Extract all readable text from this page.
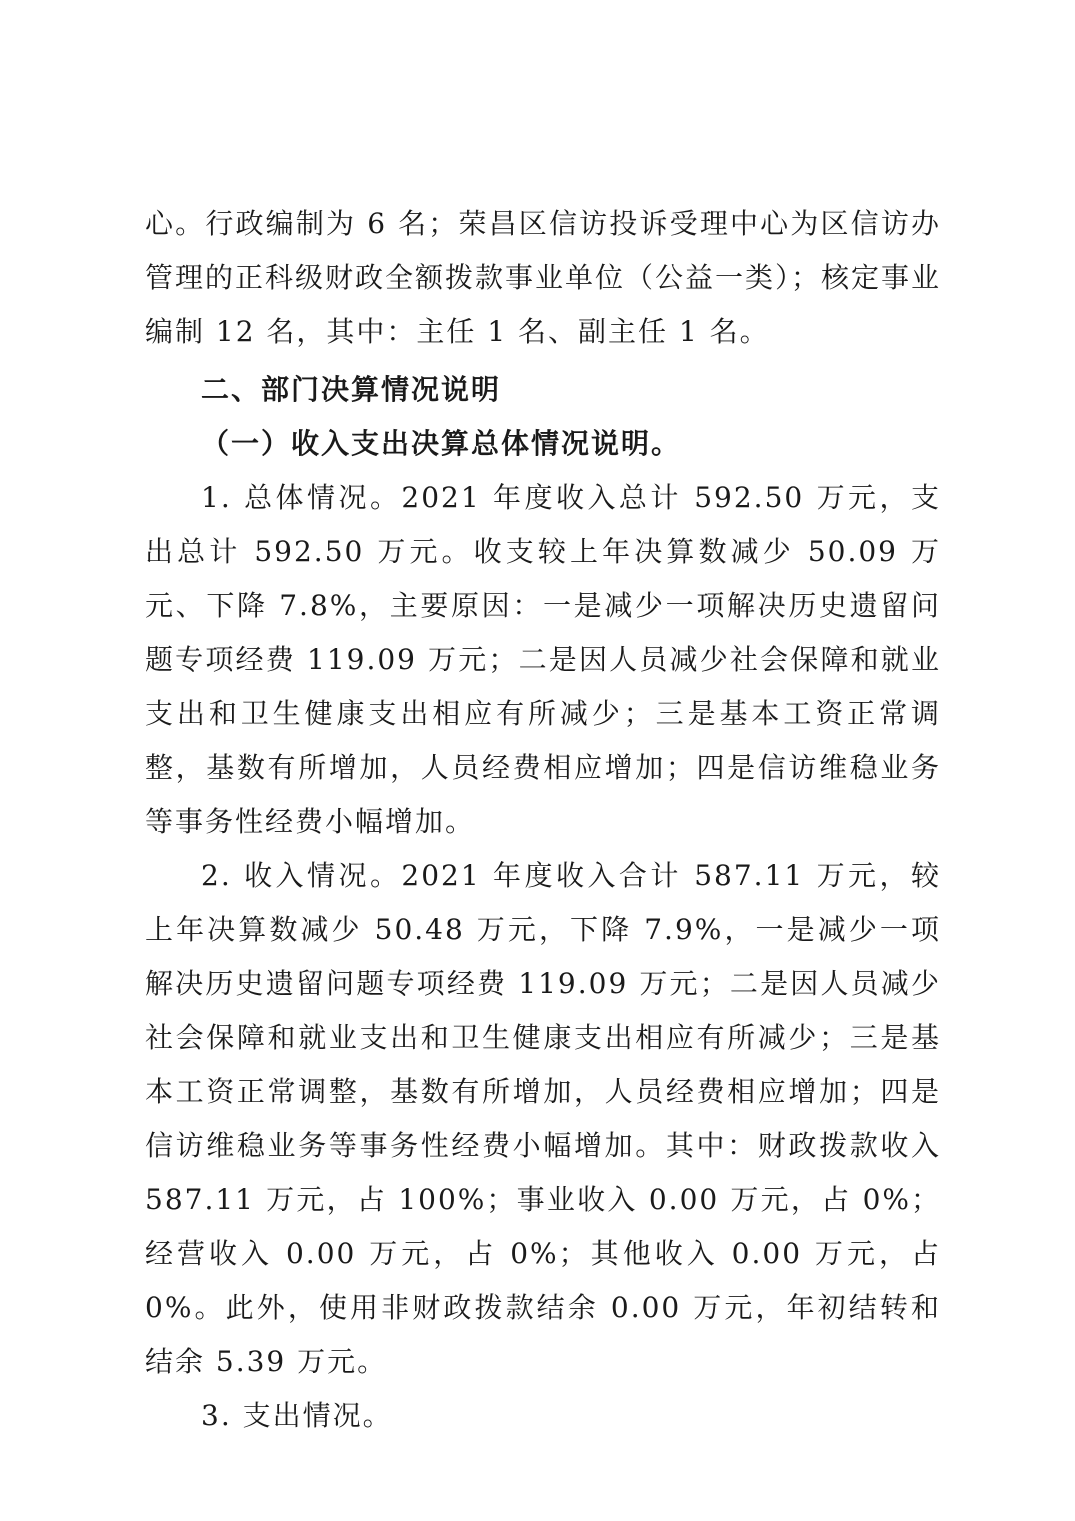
心。行政编制为 6 名；荣昌区信访投诉受理中心为区信访办管理的正科级财政全额拨款事业单位（公益一类）；核定事业编制 12 名，其中：主任 1 名、副主任 1 名。

二、部门决算情况说明

（一）收入支出决算总体情况说明。

1. 总体情况。2021 年度收入总计 592.50 万元，支出总计 592.50 万元。收支较上年决算数减少 50.09 万元、下降 7.8%，主要原因：一是减少一项解决历史遗留问题专项经费 119.09 万元；二是因人员减少社会保障和就业支出和卫生健康支出相应有所减少；三是基本工资正常调整，基数有所增加，人员经费相应增加；四是信访维稳业务等事务性经费小幅增加。

2. 收入情况。2021 年度收入合计 587.11 万元，较上年决算数减少 50.48 万元，下降 7.9%，一是减少一项解决历史遗留问题专项经费 119.09 万元；二是因人员减少社会保障和就业支出和卫生健康支出相应有所减少；三是基本工资正常调整，基数有所增加，人员经费相应增加；四是信访维稳业务等事务性经费小幅增加。其中：财政拨款收入 587.11 万元，占 100%；事业收入 0.00 万元，占 0%；经营收入 0.00 万元，占 0%；其他收入 0.00 万元，占 0%。此外，使用非财政拨款结余 0.00 万元，年初结转和结余 5.39 万元。

3. 支出情况。
